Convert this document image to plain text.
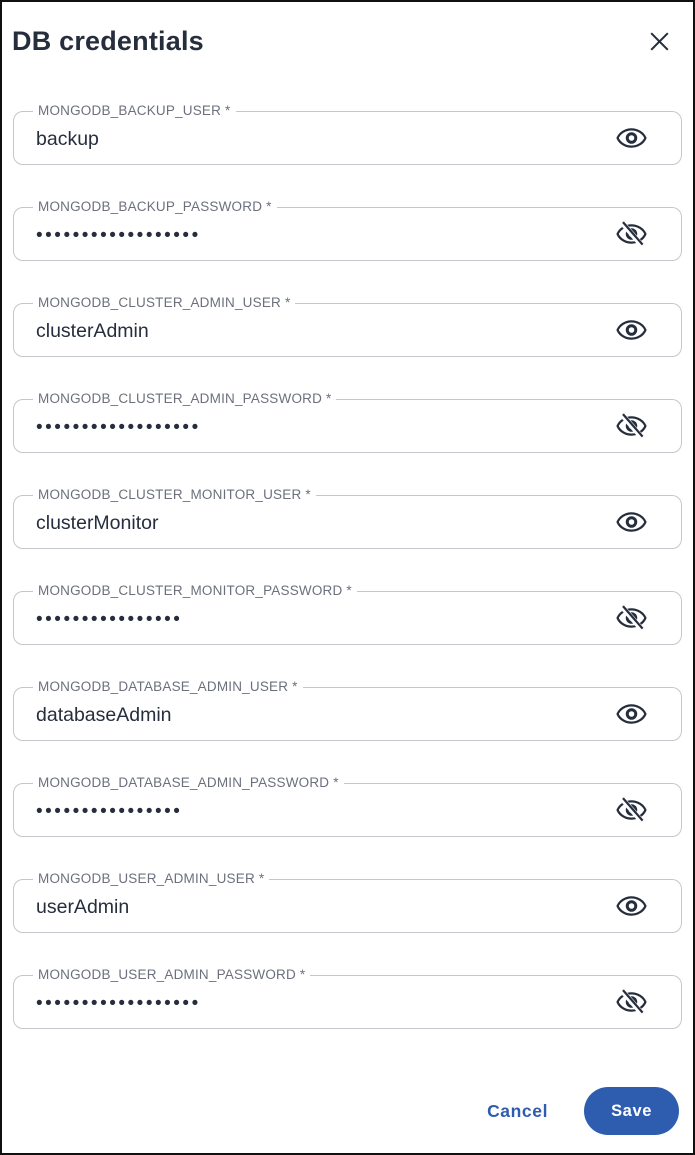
DB credentials
MONGODB_BACKUP_USER *
backup
MONGODB_BACKUP_PASSWORD *
••••••••••••••••••
MONGODB_CLUSTER_ADMIN_USER *
clusterAdmin
MONGODB_CLUSTER_ADMIN_PASSWORD *
••••••••••••••••••
MONGODB_CLUSTER_MONITOR_USER *
clusterMonitor
MONGODB_CLUSTER_MONITOR_PASSWORD *
••••••••••••••••
MONGODB_DATABASE_ADMIN_USER *
databaseAdmin
MONGODB_DATABASE_ADMIN_PASSWORD *
••••••••••••••••
MONGODB_USER_ADMIN_USER *
userAdmin
MONGODB_USER_ADMIN_PASSWORD *
••••••••••••••••••
Cancel	Save
